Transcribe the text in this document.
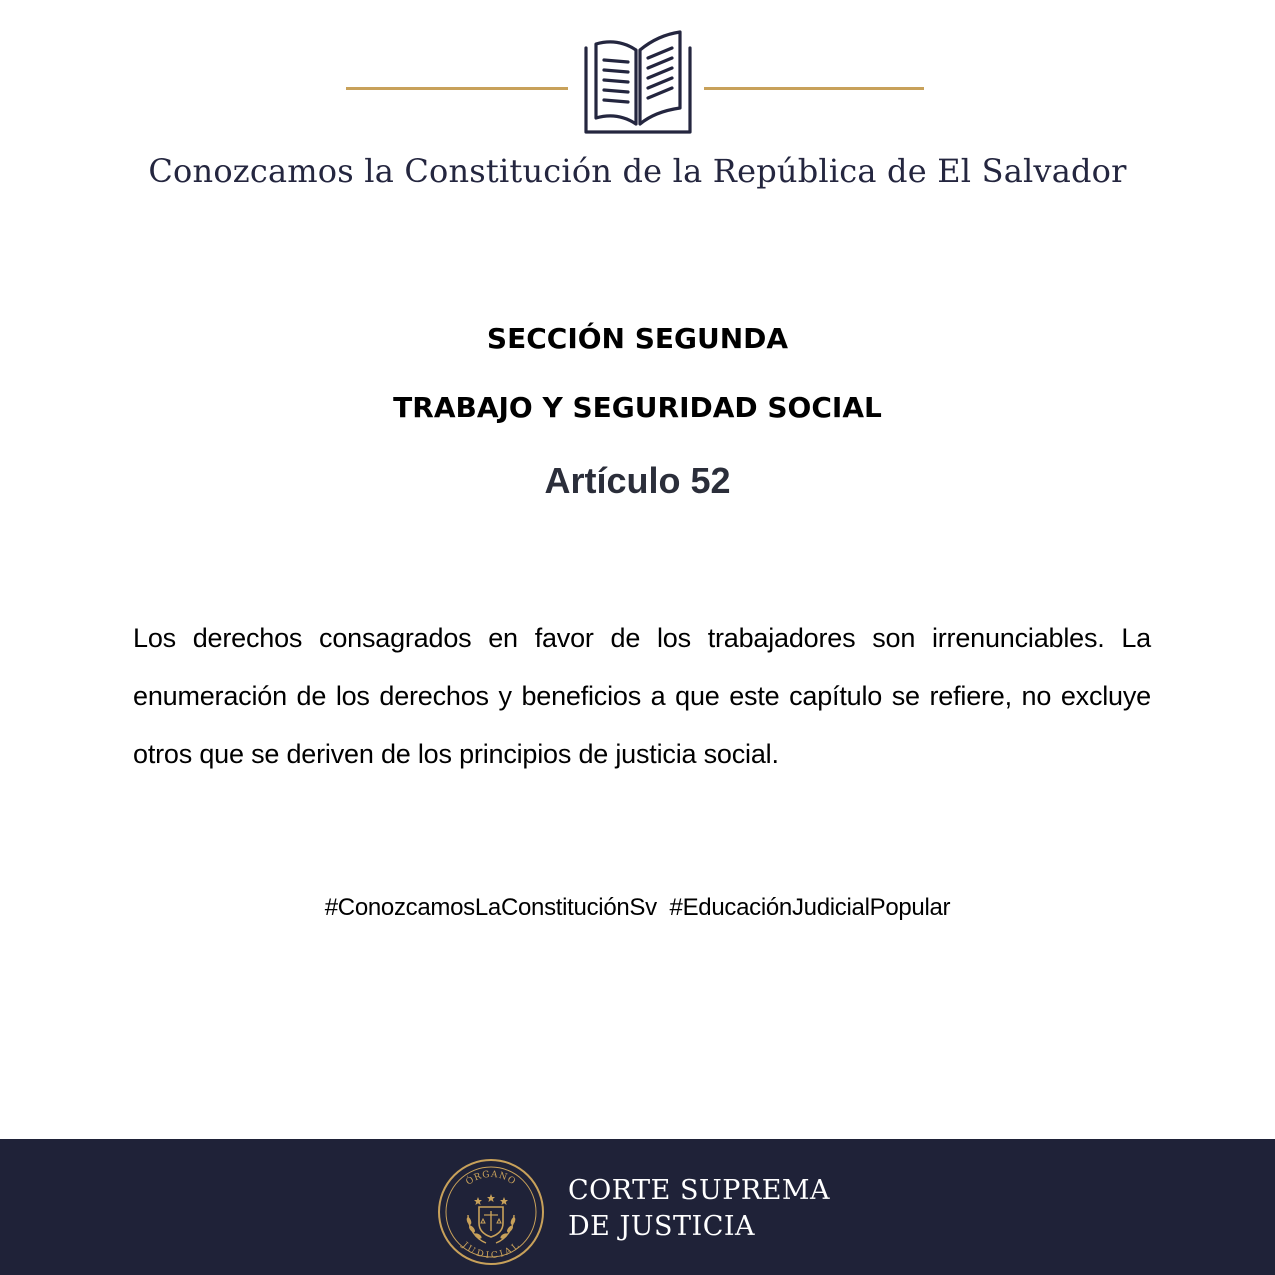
Conozcamos la Constitución de la República de El Salvador
SECCIÓN SEGUNDA
TRABAJO Y SEGURIDAD SOCIAL
Artículo 52
Los derechos consagrados en favor de los trabajadores son irrenunciables. La enumeración de los derechos y beneficios a que este capítulo se refiere, no excluye otros que se deriven de los principios de justicia social.
#ConozcamosLaConstituciónSv  #EducaciónJudicialPopular
ÓRGANO
JUDICIAL
CORTE SUPREMA
DE JUSTICIA
